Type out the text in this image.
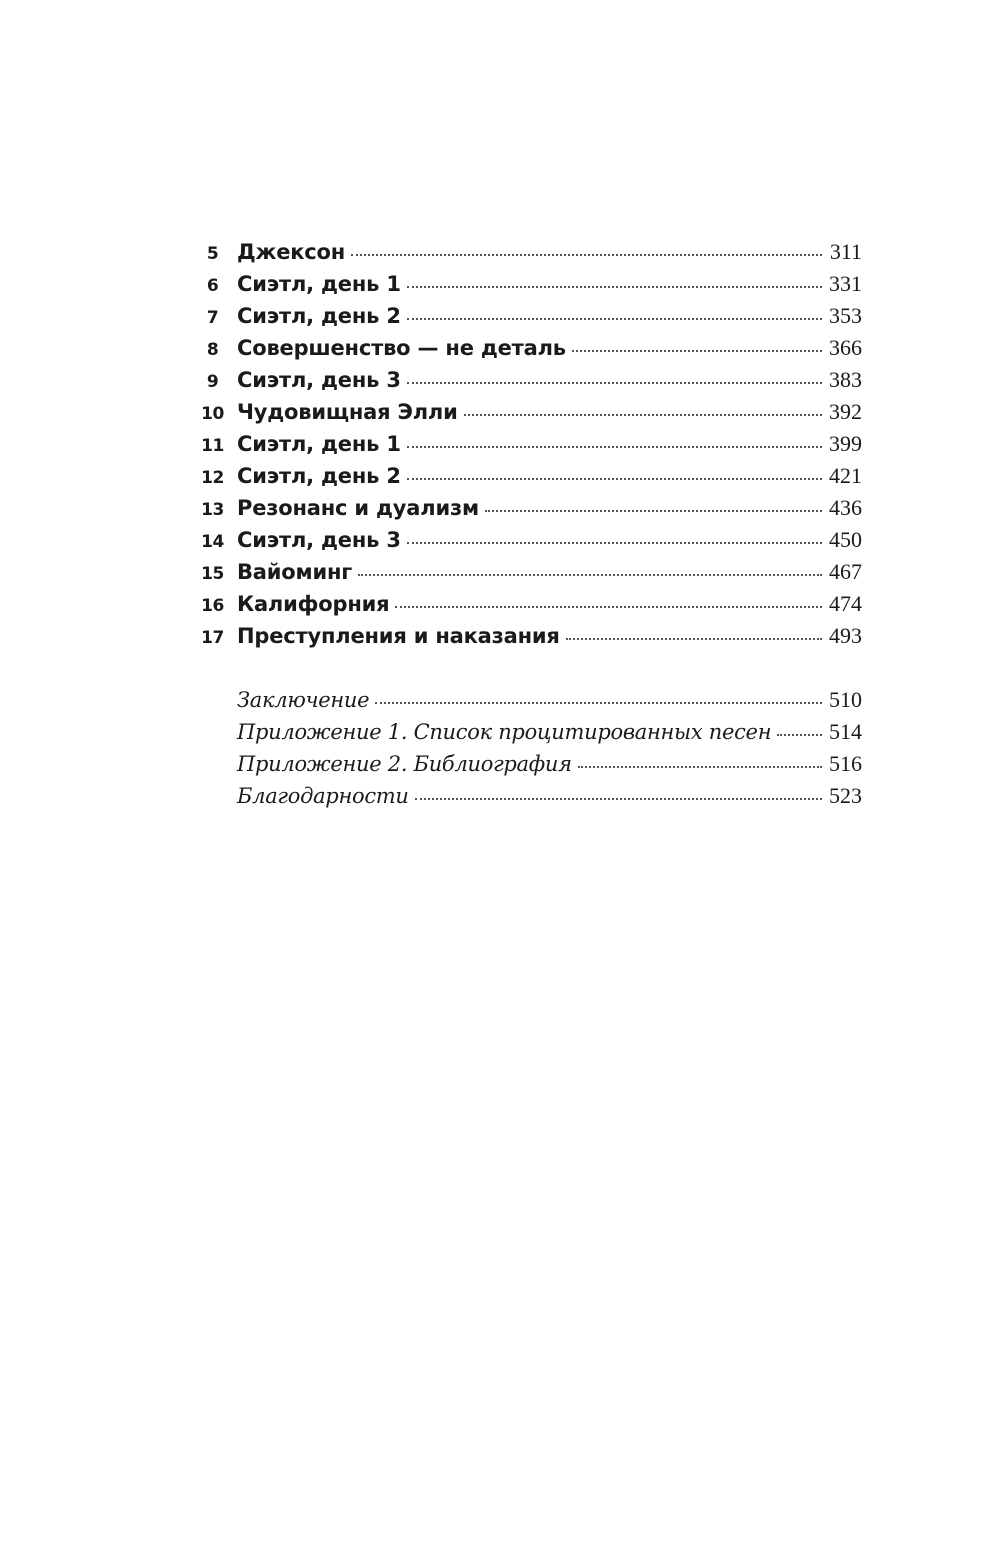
5 Джексон	311
6 Сиэтл, день 1	331
7 Сиэтл, день 2	353
8 Совершенство — не деталь	366
9 Сиэтл, день 3	383
10 Чудовищная Элли	392
11 Сиэтл, день 1	399
12 Сиэтл, день 2	421
13 Резонанс и дуализм	436
14 Сиэтл, день 3	450
15 Вайоминг	467
16 Калифорния	474
17 Преступления и наказания	493
Заключение	510
Приложение 1. Список процитированных песен	514
Приложение 2. Библиография	516
Благодарности	523
